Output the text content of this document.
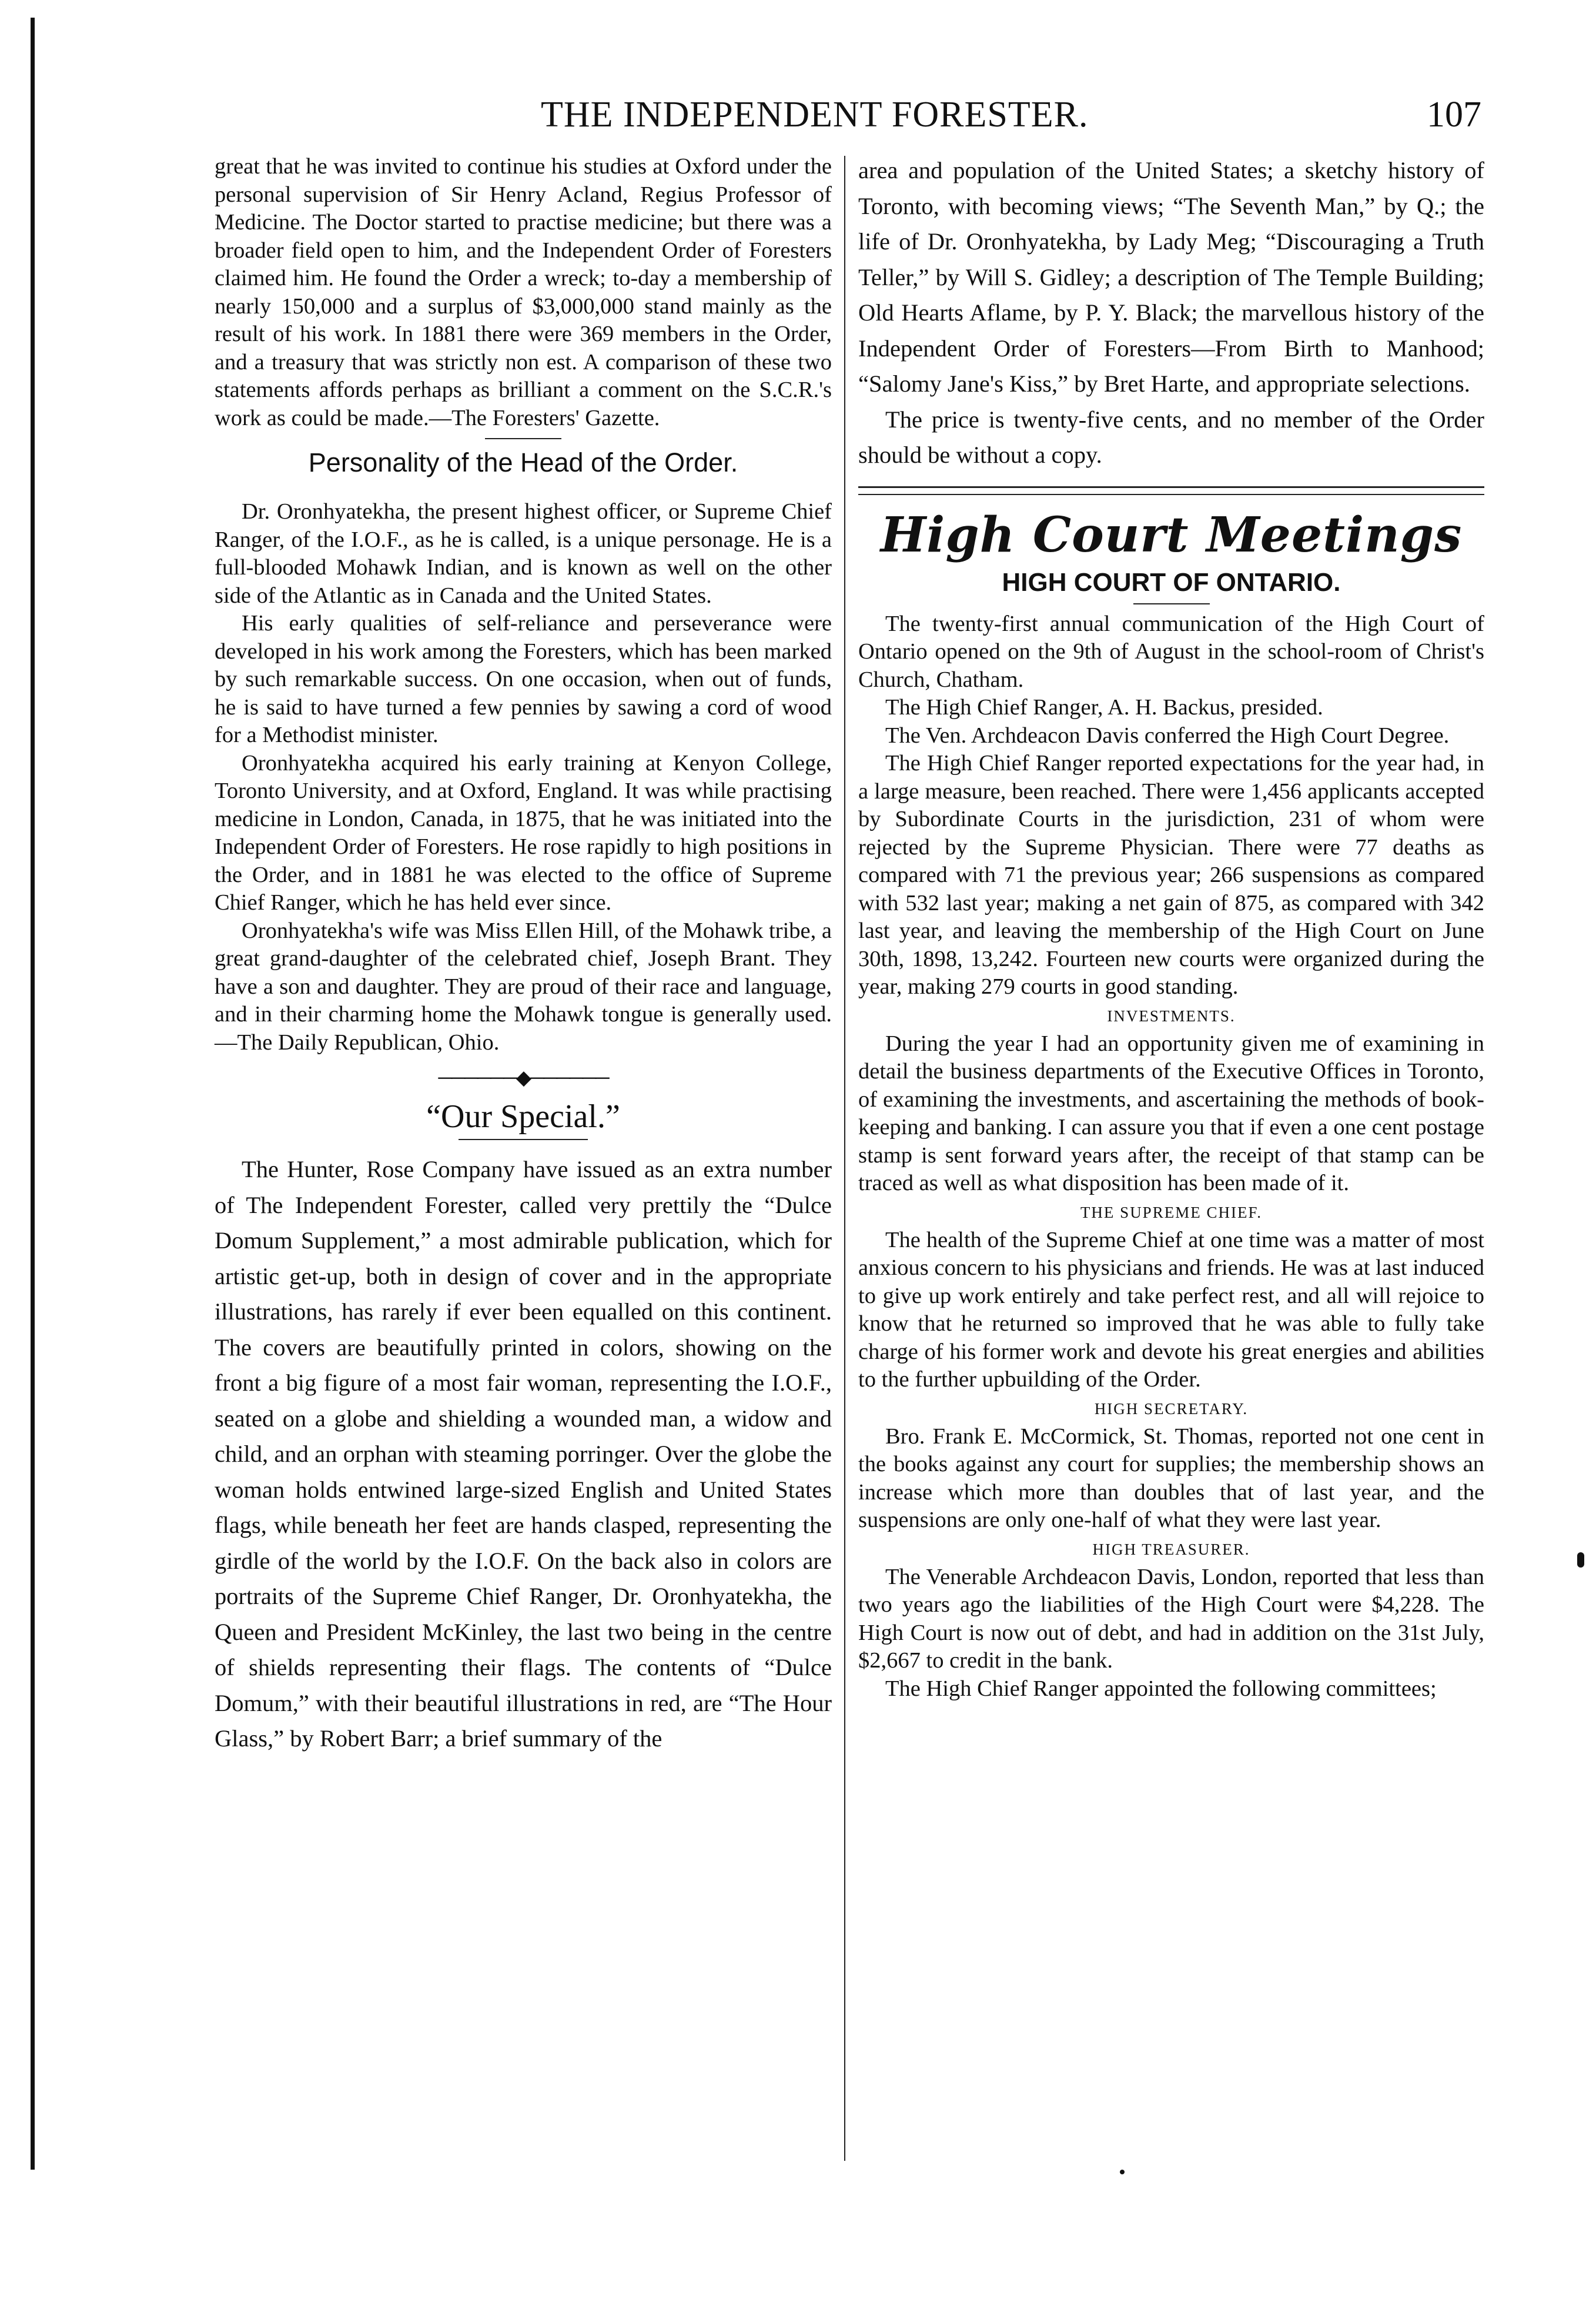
THE INDEPENDENT FORESTER.	107

great that he was invited to continue his studies at Oxford under the personal supervision of Sir Henry Acland, Regius Professor of Medicine. The Doctor started to practise medicine; but there was a broader field open to him, and the Independent Order of Foresters claimed him. He found the Order a wreck; to-day a membership of nearly 150,000 and a surplus of $3,000,000 stand mainly as the result of his work. In 1881 there were 369 members in the Order, and a treasury that was strictly non est. A comparison of these two statements affords perhaps as brilliant a comment on the S.C.R.'s work as could be made.—The Foresters' Gazette.

Personality of the Head of the Order.

Dr. Oronhyatekha, the present highest officer, or Supreme Chief Ranger, of the I.O.F., as he is called, is a unique personage. He is a full-blooded Mohawk Indian, and is known as well on the other side of the Atlantic as in Canada and the United States.

His early qualities of self-reliance and perseverance were developed in his work among the Foresters, which has been marked by such remarkable success. On one occasion, when out of funds, he is said to have turned a few pennies by sawing a cord of wood for a Methodist minister.

Oronhyatekha acquired his early training at Kenyon College, Toronto University, and at Oxford, England. It was while practising medicine in London, Canada, in 1875, that he was initiated into the Independent Order of Foresters. He rose rapidly to high positions in the Order, and in 1881 he was elected to the office of Supreme Chief Ranger, which he has held ever since.

Oronhyatekha's wife was Miss Ellen Hill, of the Mohawk tribe, a great grand-daughter of the celebrated chief, Joseph Brant. They have a son and daughter. They are proud of their race and language, and in their charming home the Mohawk tongue is generally used.—The Daily Republican, Ohio.

──────◆──────
“Our Special.”

The Hunter, Rose Company have issued as an extra number of The Independent Forester, called very prettily the “Dulce Domum Supplement,” a most admirable publication, which for artistic get-up, both in design of cover and in the appropriate illustrations, has rarely if ever been equalled on this continent. The covers are beautifully printed in colors, showing on the front a big figure of a most fair woman, representing the I.O.F., seated on a globe and shielding a wounded man, a widow and child, and an orphan with steaming porringer. Over the globe the woman holds entwined large-sized English and United States flags, while beneath her feet are hands clasped, representing the girdle of the world by the I.O.F. On the back also in colors are portraits of the Supreme Chief Ranger, Dr. Oronhyatekha, the Queen and President McKinley, the last two being in the centre of shields representing their flags. The contents of “Dulce Domum,” with their beautiful illustrations in red, are “The Hour Glass,” by Robert Barr; a brief summary of the

area and population of the United States; a sketchy history of Toronto, with becoming views; “The Seventh Man,” by Q.; the life of Dr. Oronhyatekha, by Lady Meg; “Discouraging a Truth Teller,” by Will S. Gidley; a description of The Temple Building; Old Hearts Aflame, by P. Y. Black; the marvellous history of the Independent Order of Foresters—From Birth to Manhood; “Salomy Jane's Kiss,” by Bret Harte, and appropriate selections.

The price is twenty-five cents, and no member of the Order should be without a copy.

High Court Meetings
HIGH COURT OF ONTARIO.

The twenty-first annual communication of the High Court of Ontario opened on the 9th of August in the school-room of Christ's Church, Chatham.

The High Chief Ranger, A. H. Backus, presided.

The Ven. Archdeacon Davis conferred the High Court Degree.

The High Chief Ranger reported expectations for the year had, in a large measure, been reached. There were 1,456 applicants accepted by Subordinate Courts in the jurisdiction, 231 of whom were rejected by the Supreme Physician. There were 77 deaths as compared with 71 the previous year; 266 suspensions as compared with 532 last year; making a net gain of 875, as compared with 342 last year, and leaving the membership of the High Court on June 30th, 1898, 13,242. Fourteen new courts were organized during the year, making 279 courts in good standing.

INVESTMENTS.

During the year I had an opportunity given me of examining in detail the business departments of the Executive Offices in Toronto, of examining the investments, and ascertaining the methods of book-keeping and banking. I can assure you that if even a one cent postage stamp is sent forward years after, the receipt of that stamp can be traced as well as what disposition has been made of it.

THE SUPREME CHIEF.

The health of the Supreme Chief at one time was a matter of most anxious concern to his physicians and friends. He was at last induced to give up work entirely and take perfect rest, and all will rejoice to know that he returned so improved that he was able to fully take charge of his former work and devote his great energies and abilities to the further upbuilding of the Order.

HIGH SECRETARY.

Bro. Frank E. McCormick, St. Thomas, reported not one cent in the books against any court for supplies; the membership shows an increase which more than doubles that of last year, and the suspensions are only one-half of what they were last year.

HIGH TREASURER.

The Venerable Archdeacon Davis, London, reported that less than two years ago the liabilities of the High Court were $4,228. The High Court is now out of debt, and had in addition on the 31st July, $2,667 to credit in the bank.

The High Chief Ranger appointed the following committees;
